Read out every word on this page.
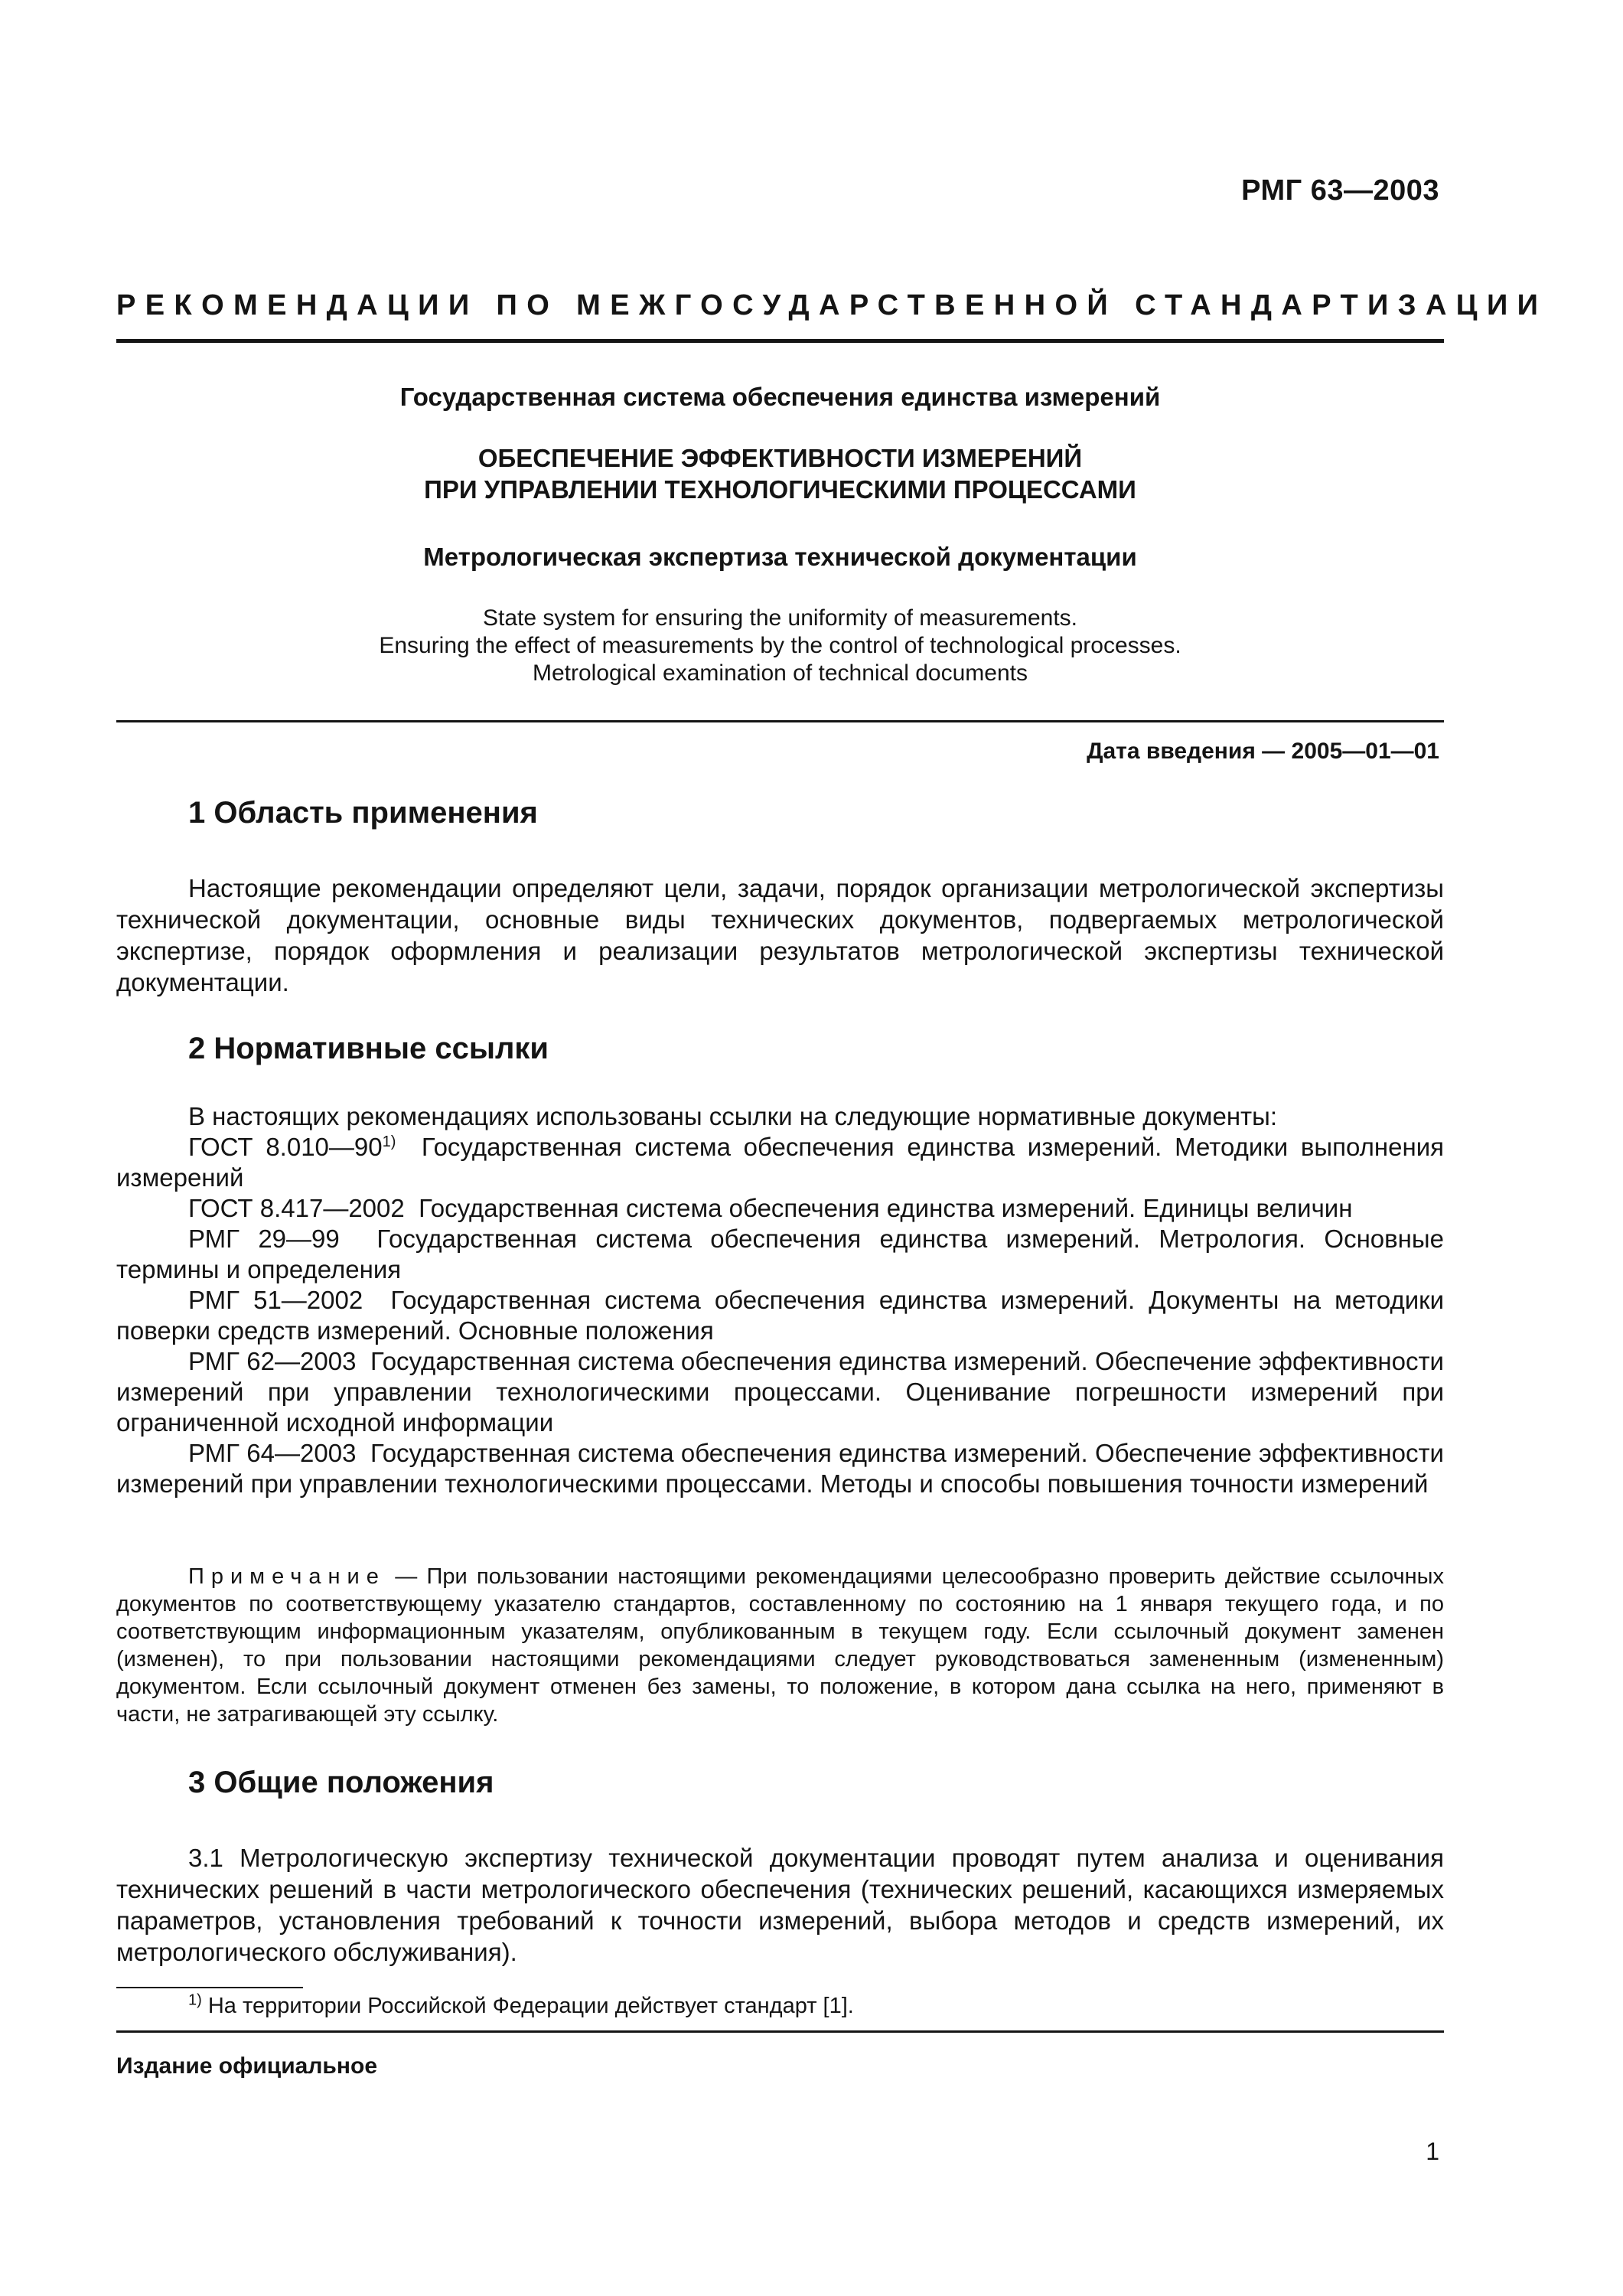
РМГ 63—2003
РЕКОМЕНДАЦИИ ПО МЕЖГОСУДАРСТВЕННОЙ СТАНДАРТИЗАЦИИ
Государственная система обеспечения единства измерений
ОБЕСПЕЧЕНИЕ ЭФФЕКТИВНОСТИ ИЗМЕРЕНИЙ
ПРИ УПРАВЛЕНИИ ТЕХНОЛОГИЧЕСКИМИ ПРОЦЕССАМИ
Метрологическая экспертиза технической документации
State system for ensuring the uniformity of measurements.
Ensuring the effect of measurements by the control of technological processes.
Metrological examination of technical documents
Дата введения — 2005—01—01
1 Область применения
Настоящие рекомендации определяют цели, задачи, порядок организации метрологической экспертизы технической документации, основные виды технических документов, подвергаемых метрологической экспертизе, порядок оформления и реализации результатов метрологической экспертизы технической документации.
2 Нормативные ссылки

В настоящих рекомендациях использованы ссылки на следующие нормативные документы:

ГОСТ 8.010—90$^{1)}$ Государственная система обеспечения единства измерений. Методики выполнения измерений

ГОСТ 8.417—2002 Государственная система обеспечения единства измерений. Единицы величин

РМГ 29—99 Государственная система обеспечения единства измерений. Метрология. Основные термины и определения

РМГ 51—2002 Государственная система обеспечения единства измерений. Документы на методики поверки средств измерений. Основные положения

РМГ 62—2003 Государственная система обеспечения единства измерений. Обеспечение эффективности измерений при управлении технологическими процессами. Оценивание погрешности измерений при ограниченной исходной информации

РМГ 64—2003 Государственная система обеспечения единства измерений. Обеспечение эффективности измерений при управлении технологическими процессами. Методы и способы повышения точности измерений

Примечание — При пользовании настоящими рекомендациями целесообразно проверить действие ссылочных документов по соответствующему указателю стандартов, составленному по состоянию на 1 января текущего года, и по соответствующим информационным указателям, опубликованным в текущем году. Если ссылочный документ заменен (изменен), то при пользовании настоящими рекомендациями следует руководствоваться замененным (измененным) документом. Если ссылочный документ отменен без замены, то положение, в котором дана ссылка на него, применяют в части, не затрагивающей эту ссылку.
3 Общие положения
3.1 Метрологическую экспертизу технической документации проводят путем анализа и оценивания технических решений в части метрологического обеспечения (технических решений, касающихся измеряемых параметров, установления требований к точности измерений, выбора методов и средств измерений, их метрологического обслуживания).
$^{1)}$ На территории Российской Федерации действует стандарт [1].
Издание официальное
1
